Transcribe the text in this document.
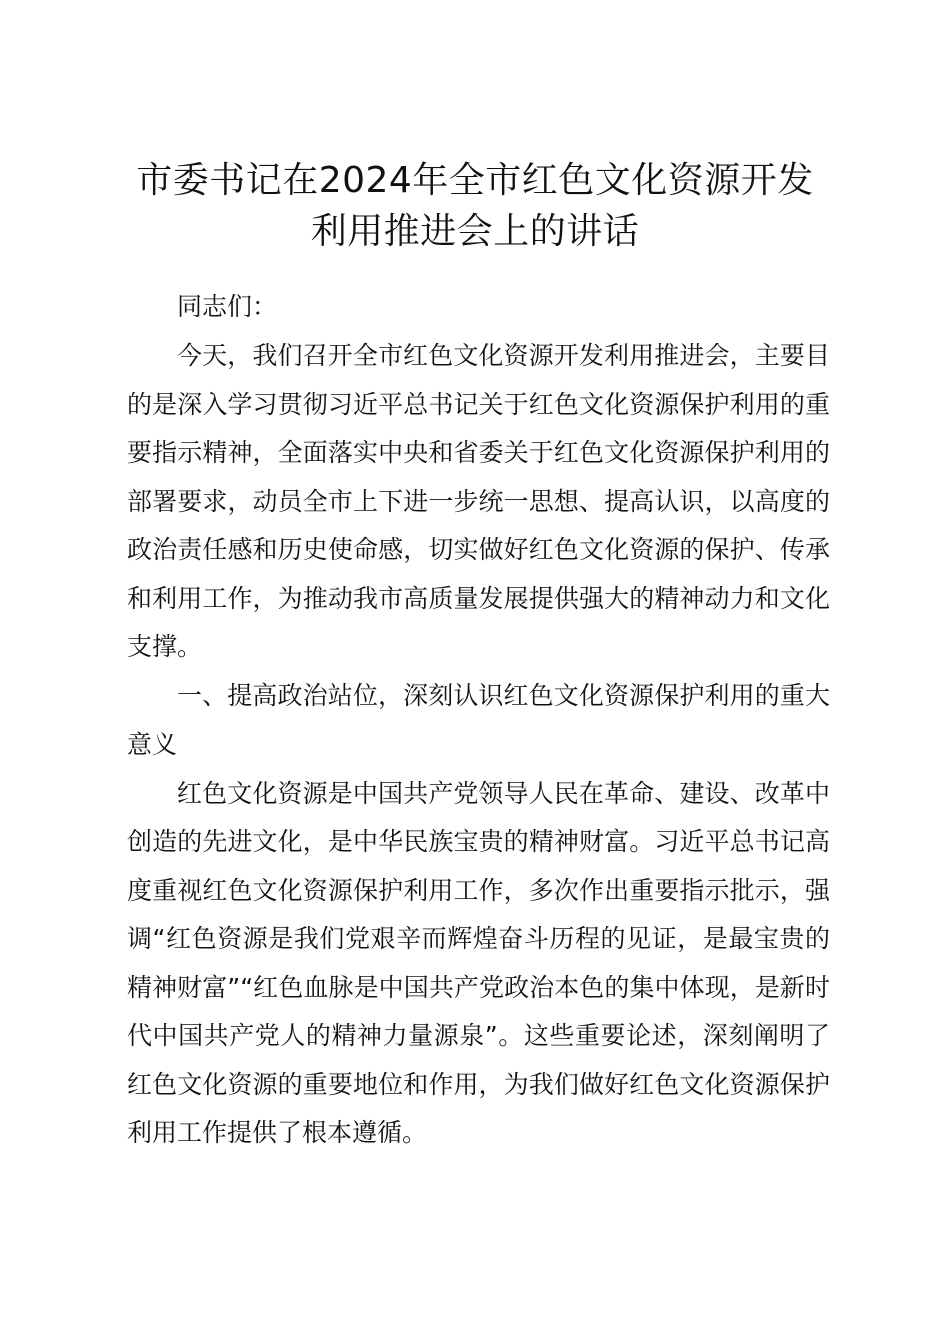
市委书记在2024年全市红色文化资源开发利用推进会上的讲话

同志们：

今天，我们召开全市红色文化资源开发利用推进会，主要目的是深入学习贯彻习近平总书记关于红色文化资源保护利用的重要指示精神，全面落实中央和省委关于红色文化资源保护利用的部署要求，动员全市上下进一步统一思想、提高认识，以高度的政治责任感和历史使命感，切实做好红色文化资源的保护、传承和利用工作，为推动我市高质量发展提供强大的精神动力和文化支撑。

一、提高政治站位，深刻认识红色文化资源保护利用的重大意义

红色文化资源是中国共产党领导人民在革命、建设、改革中创造的先进文化，是中华民族宝贵的精神财富。习近平总书记高度重视红色文化资源保护利用工作，多次作出重要指示批示，强调“红色资源是我们党艰辛而辉煌奋斗历程的见证，是最宝贵的精神财富”“红色血脉是中国共产党政治本色的集中体现，是新时代中国共产党人的精神力量源泉”。这些重要论述，深刻阐明了红色文化资源的重要地位和作用，为我们做好红色文化资源保护利用工作提供了根本遵循。
